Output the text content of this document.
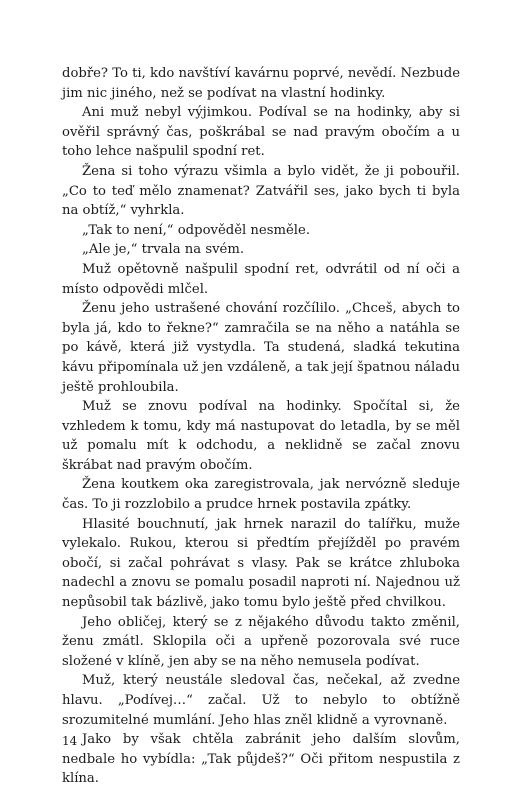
dobře? To ti, kdo navštíví kavárnu poprvé, nevědí. Nezbude jim nic jiného, než se podívat na vlastní hodinky.

Ani muž nebyl výjimkou. Podíval se na hodinky, aby si ověřil správný čas, poškrábal se nad pravým obočím a u toho lehce našpulil spodní ret.

Žena si toho výrazu všimla a bylo vidět, že ji pobouřil. „Co to teď mělo znamenat? Zatvářil ses, jako bych ti byla na obtíž,“ vyhrkla.

„Tak to není,“ odpověděl nesměle.

„Ale je,“ trvala na svém.

Muž opětovně našpulil spodní ret, odvrátil od ní oči a místo odpovědi mlčel.

Ženu jeho ustrašené chování rozčílilo. „Chceš, abych to byla já, kdo to řekne?“ zamračila se na něho a natáhla se po kávě, která již vystydla. Ta studená, sladká tekutina kávu připomínala už jen vzdáleně, a tak její špatnou náladu ještě prohloubila.

Muž se znovu podíval na hodinky. Spočítal si, že vzhledem k tomu, kdy má nastupovat do letadla, by se měl už pomalu mít k odchodu, a neklidně se začal znovu škrábat nad pravým obočím.

Žena koutkem oka zaregistrovala, jak nervózně sleduje čas. To ji rozzlobilo a prudce hrnek postavila zpátky.

Hlasité bouchnutí, jak hrnek narazil do talířku, muže vylekalo. Rukou, kterou si předtím přejížděl po pravém obočí, si začal pohrávat s vlasy. Pak se krátce zhluboka nadechl a znovu se pomalu posadil naproti ní. Najednou už nepůsobil tak bázlivě, jako tomu bylo ještě před chvilkou.

Jeho obličej, který se z nějakého důvodu takto změnil, ženu zmátl. Sklopila oči a upřeně pozorovala své ruce složené v klíně, jen aby se na něho nemusela podívat.

Muž, který neustále sledoval čas, nečekal, až zvedne hlavu. „Podívej…“ začal. Už to nebylo to obtížně srozumitelné mumlání. Jeho hlas zněl klidně a vyrovnaně.

Jako by však chtěla zabránit jeho dalším slovům, nedbale ho vybídla: „Tak půjdeš?“ Oči přitom nespustila z klína.

14
